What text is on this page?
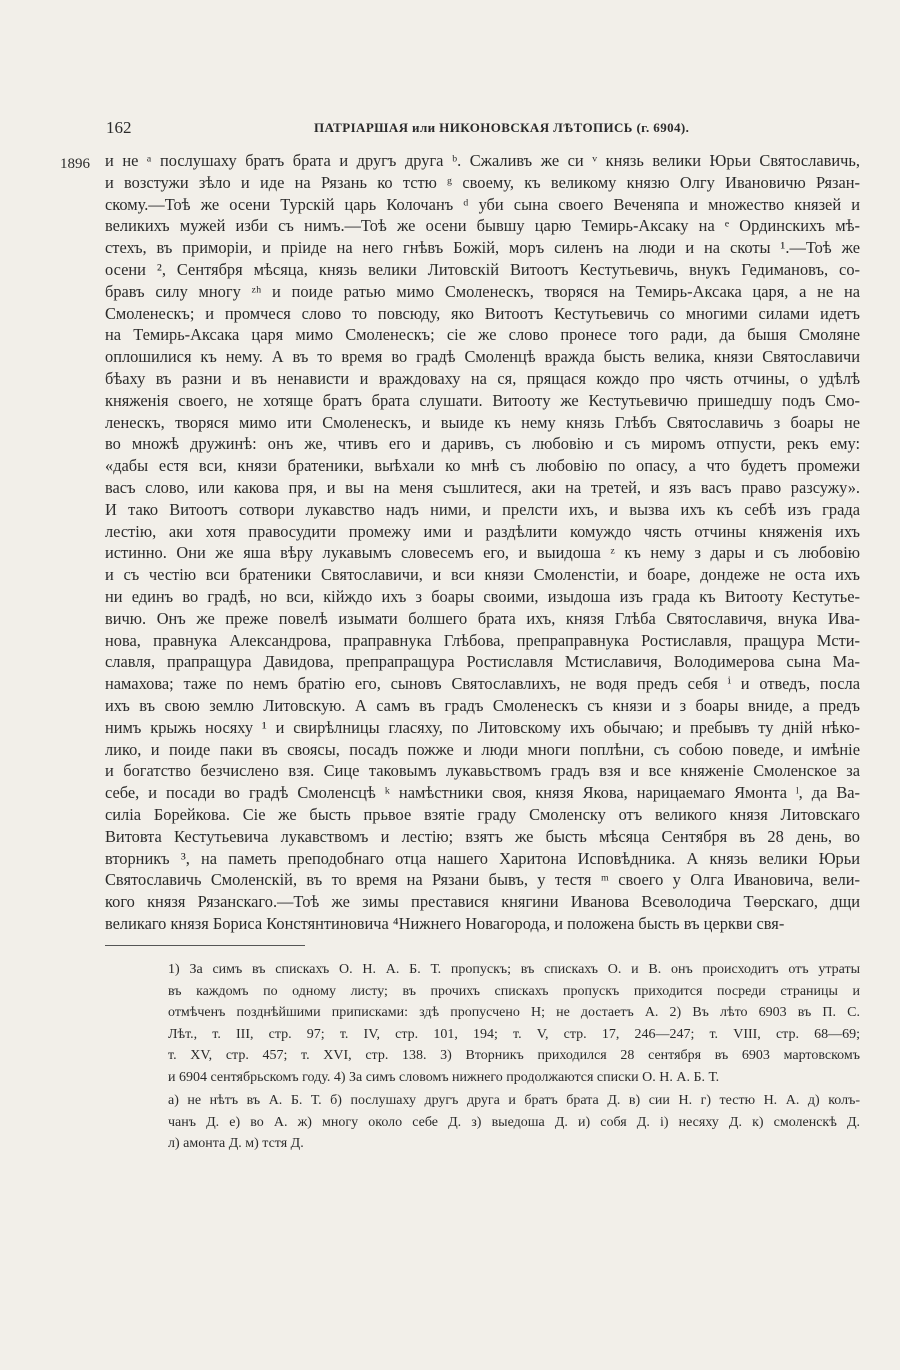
162	ПАТРІАРШАЯ или НИКОНОВСКАЯ ЛѢТОПИСЬ (г. 6904).
1896 и не ᵃ послушаху братъ брата и другъ друга ᵇ. Сжаливъ же си ᵛ князь велики Юрьи Святославичь,
и возстужи зѣло и иде на Рязань ко тстю ᵍ своему, къ великому князю Олгу Ивановичю Рязан-
скому.—Тоѣ же осени Турскій царь Колочанъ ᵈ уби сына своего Веченяпа и множество князей и
великихъ мужей изби съ нимъ.—Тоѣ же осени бывшу царю Темирь-Аксаку на ᵉ Ординскихъ мѣ-
стехъ, въ приморіи, и пріиде на него гнѣвъ Божій, моръ силенъ на люди и на скоты ¹.—Тоѣ же
осени ², Сентября мѣсяца, князь велики Литовскій Витоотъ Кестутьевичь, внукъ Гедимановъ, со-
бравъ силу многу ᶻʰ и поиде ратью мимо Смоленескъ, творяся на Темирь-Аксака царя, а не на
Смоленескъ; и промчеся слово то повсюду, яко Витоотъ Кестутьевичь со многими силами идетъ
на Темирь-Аксака царя мимо Смоленескъ; сіе же слово пронесе того ради, да бышя Смоляне
оплошилися къ нему. А въ то время во градѣ Смоленцѣ вражда бысть велика, князи Святославичи
бѣаху въ разни и въ ненависти и враждоваху на ся, прящася кождо про чясть отчины, о удѣлѣ
княженія своего, не хотяще братъ брата слушати. Витоотy же Кестутьевичю пришедшу подъ Смо-
ленескъ, творяся мимо ити Смоленескъ, и выиде къ нему князь Глѣбъ Святославичь з боары не
во множѣ дружинѣ: онъ же, чтивъ его и даривъ, съ любовію и съ миромъ отпусти, рекъ ему:
«дабы естя вси, князи братеники, выѣхали ко мнѣ съ любовію по опасу, а что будетъ промежи
васъ слово, или какова пря, и вы на меня съшлитеся, аки на третей, и язъ васъ право разсужу».
И тако Витоотъ сотвори лукавство надъ ними, и прелсти ихъ, и вызва ихъ къ себѣ изъ града
лестію, аки хотя правосудити промежу ими и раздѣлити комуждо чясть отчины княженія ихъ
истинно. Они же яша вѣру лукавымъ словесемъ его, и выидоша ᶻ къ нему з дары и съ любовію
и съ честію вси братеники Святославичи, и вси князи Смоленстіи, и боаре, дондеже не оста ихъ
ни единъ во градѣ, но вси, кійждо ихъ з боары своими, изыдоша изъ града къ Витоотy Кестутье-
вичю. Онъ же прежe повелѣ изымати болшего брата ихъ, князя Глѣба Святославичя, внука Ива-
нова, правнука Александрова, праправнука Глѣбова, препраправнука Ростиславля, пращура Мсти-
славля, прапращура Давидова, препрапращура Ростиславля Мстиславичя, Володимерова сына Ма-
намахова; таже по немъ братію его, сыновъ Святославлихъ, не водя предъ себя ⁱ и отведъ, посла
ихъ въ свою землю Литовскую. А самъ въ градъ Смоленескъ съ князи и з боары вниде, а предъ
нимъ крыжь носяху ¹ и свирѣлницы гласяху, по Литовскому ихъ обычаю; и пребывъ ту дній нѣко-
лико, и поиде паки въ своясы, посадъ пожже и люди многи поплѣни, съ собою поведе, и имѣніе
и богатство безчислено взя. Сице таковымъ лукавьствомъ градъ взя и все княженіе Смоленское за
себе, и посади во градѣ Смоленсцѣ ᵏ намѣстники своя, князя Якова, нарицаемаго Ямонта ˡ, да Ва-
силіа Борейкова. Сіе же бысть прьвое взятіе граду Смоленску отъ великого князя Литовскаго
Витовта Кестутьевича лукавствомъ и лестію; взятъ же бысть мѣсяца Сентября въ 28 день, во
вторникъ ³, на паметь преподобнаго отца нашего Харитона Исповѣдника. А князь велики Юрьи
Святославичь Смоленскій, въ то время на Рязани бывъ, у тестя ᵐ своего у Олга Ивановича, вели-
кого князя Рязанскаго.—Тоѣ же зимы преставися княгини Иванова Всеволодича Тѳерскаго, дщи
великаго князя Бориса Констянтиновича ⁴Нижнего Новагорода, и положена бысть въ церкви свя-
1) За симъ въ спискахъ О. Н. А. Б. Т. пропускъ; въ спискахъ О. и В. онъ происходитъ отъ утраты
въ каждомъ по одному листу; въ прочихъ спискахъ пропускъ приходится посреди страницы и
отмѣченъ позднѣйшими приписками: здѣ пропусчено Н; не достаетъ А. 2) Въ лѣто 6903 въ П. С.
Лѣт., т. III, стр. 97; т. IV, стр. 101, 194; т. V, стр. 17, 246—247; т. VIII, стр. 68—69;
т. XV, стр. 457; т. XVI, стр. 138. 3) Вторникъ приходился 28 сентября въ 6903 мартовскомъ
и 6904 сентябрьскомъ году. 4) За симъ словомъ нижнего продолжаются списки О. Н. А. Б. Т.
а) не нѣтъ въ А. Б. Т. б) послушаху другъ друга и братъ брата Д. в) сии Н. г) тестю Н. А. д) колъ-
чанъ Д. е) во А. ж) многу около себе Д. з) выедоша Д. и) собя Д. і) несяху Д. к) смоленскѣ Д.
л) амонта Д. м) тстя Д.
